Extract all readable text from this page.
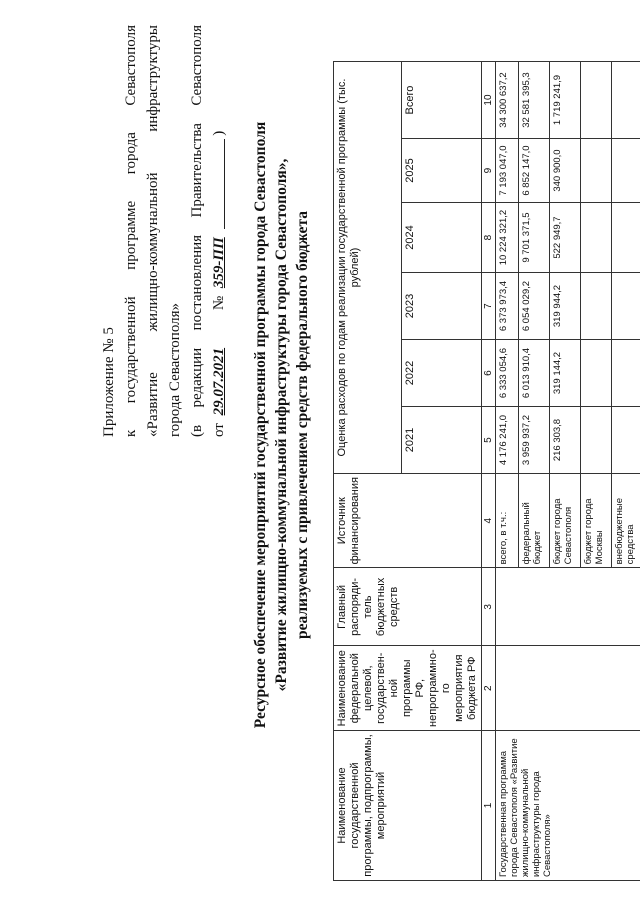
Приложение № 5 к государственной программе города Севастополя «Развитие жилищно-коммунальной инфраструктуры города Севастополя» (в редакции постановления Правительства Севастополя от 29.07.2021         № 359-ПП  ) Ресурсное обеспечение мероприятий государственной программы города Севастополя «Развитие жилищно-коммунальной инфраструктуры города Севастополя», реализуемых с привлечением средств федерального бюджета
Наименование государственной программы, подпрограммы, мероприятий	Наименование федеральной целевой, государствен-ной программы РФ, непрограммно-го мероприятия бюджета РФ	Главный распоряди-тель бюджетных средств	Источник финансирования	Оценка расходов по годам реализации государственной программы (тыс. рублей)					
				2021	2022	2023	2024	2025	Всего
1	2	3	4	5	6	7	8	9	10
Государственная программа города Севастополя «Развитие жилищно-коммунальной инфраструктуры города Севастополя»			всего, в т.ч.:	4 176 241,0	6 333 054,6	6 373 973,4	10 224 321,2	7 193 047,0	34 300 637,2
			федеральный бюджет	3 959 937,2	6 013 910,4	6 054 029,2	9 701 371,5	6 852 147,0	32 581 395,3
			бюджет города Севастополя	216 303,8	319 144,2	319 944,2	522 949,7	340 900,0	1 719 241,9
			бюджет города Москвы						
			внебюджетные средства						
